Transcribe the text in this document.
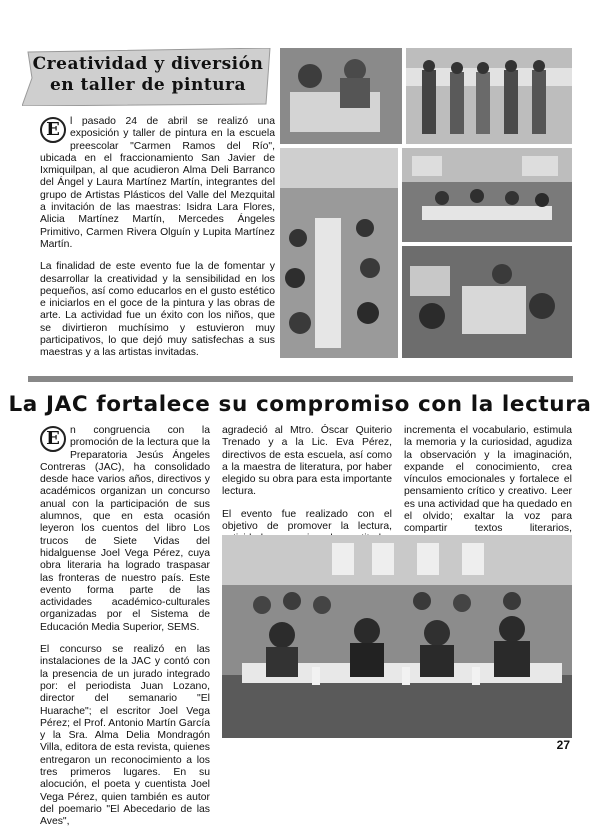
Creatividad y diversión
en taller de pintura

E l pasado 24 de abril se realizó una exposición y taller de pintura en la escuela preescolar "Carmen Ramos del Río", ubicada en el fraccionamiento San Javier de Ixmiquilpan, al que acudieron Alma Deli Barranco del Ángel y Laura Martínez Martín, integrantes del grupo de Artistas Plásticos del Valle del Mezquital a invitación de las maestras: Isidra Lara Flores, Alicia Martínez Martín, Mercedes Ángeles Primitivo, Carmen Rivera Olguín y Lupita Martínez Martín.

La finalidad de este evento fue la de fomentar y desarrollar la creatividad y la sensibilidad en los pequeños, así como educarlos en el gusto estético e iniciarlos en el goce de la pintura y las obras de arte. La actividad fue un éxito con los niños, que se divirtieron muchísimo y estuvieron muy participativos, lo que dejó muy satisfechas a sus maestras y a las artistas invitadas.

La JAC fortalece su compromiso con la lectura

E n congruencia con la promoción de la lectura que la Preparatoria Jesús Ángeles Contreras (JAC), ha consolidado desde hace varios años, directivos y académicos organizan un concurso anual con la participación de sus alumnos, que en esta ocasión leyeron los cuentos del libro Los trucos de Siete Vidas del hidalguense Joel Vega Pérez, cuya obra literaria ha logrado traspasar las fronteras de nuestro país. Este evento forma parte de las actividades académico-culturales organizadas por el Sistema de Educación Media Superior, SEMS.

El concurso se realizó en las instalaciones de la JAC y contó con la presencia de un jurado integrado por: el periodista Juan Lozano, director del semanario "El Huarache"; el escritor Joel Vega Pérez; el Prof. Antonio Martín García y la Sra. Alma Delia Mondragón Villa, editora de esta revista, quienes entregaron un reconocimiento a los tres primeros lugares. En su alocución, el poeta y cuentista Joel Vega Pérez, quien también es autor del poemario "El Abecedario de las Aves",

agradeció al Mtro. Óscar Quiterio Trenado y a la Lic. Eva Pérez, directivos de esta escuela, así como a la maestra de literatura, por haber elegido su obra para esta importante lectura.

El evento fue realizado con el objetivo de promover la lectura,

incrementa el vocabulario, estimula la memoria y la curiosidad, agudiza la observación y la imaginación, expande el conocimiento, crea vínculos emocionales y fortalece el pensamiento crítico y creativo. Leer es una actividad que ha quedado en el olvido; exaltar la voz para compartir textos literarios,

27
